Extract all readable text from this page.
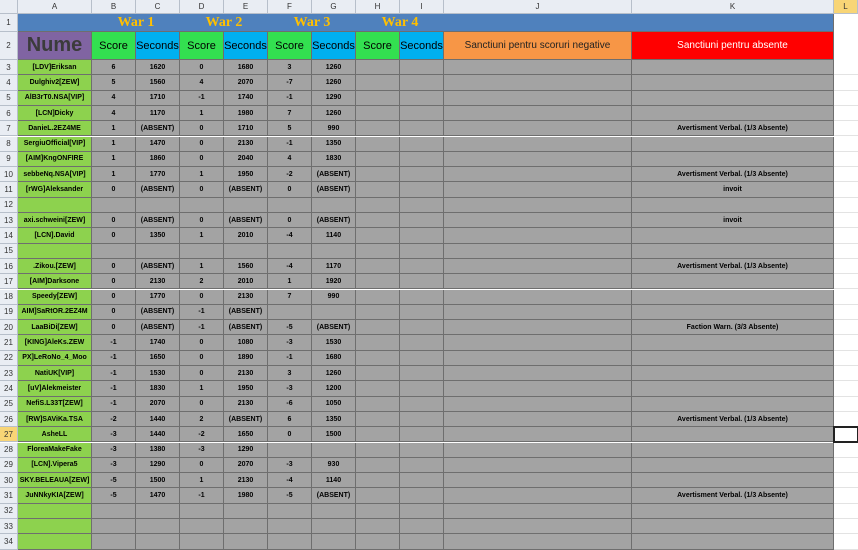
A	B	C	D	E	F	G	H	I	J	K	L
1	War 1	War 2	War 3	War 4
2 Nume	Score Seconds Score Seconds Score Seconds Score Seconds	Sanctiuni pentru scoruri negative	Sanctiuni pentru absente
3	[LDV]Eriksan	6	1620	0	1680	3	1260
4	Dulghiv2[ZEW]	5	1560	4	2070	-7	1260
5	AlB3rT0.NSA[VIP]	4	1710	-1	1740	-1	1290
6	[LCN]Dicky	4	1170	1	1980	7	1260
7	DanieL.2EZ4ME	1	(ABSENT)	0	1710	5	990	Avertisment Verbal. (1/3 Absente)
8	SergiuOfficial[VIP]	1	1470	0	2130	-1	1350
9	[AIM]KngONFIRE	1	1860	0	2040	4	1830
10	sebbeNq.NSA[VIP]	1	1770	1	1950	-2	(ABSENT)	Avertisment Verbal. (1/3 Absente)
11	[rWG]Aleksander	0	(ABSENT)	0	(ABSENT)	0	(ABSENT)	invoit
12
13	axi.schweini[ZEW]	0	(ABSENT)	0	(ABSENT)	0	(ABSENT)	invoit
14	[LCN].David	0	1350	1	2010	-4	1140
15
16	.Zikou.[ZEW]	0	(ABSENT)	1	1560	-4	1170	Avertisment Verbal. (1/3 Absente)
17	[AIM]Darksone	0	2130	2	2010	1	1920
18	Speedy[ZEW]	0	1770	0	2130	7	990
19	AIM]SaRtOR.2EZ4M	0	(ABSENT)	-1	(ABSENT)
20	LaaBiDi[ZEW]	0	(ABSENT)	-1	(ABSENT)	-5	(ABSENT)	Faction Warn. (3/3 Absente)
21	[KING]AleKs.ZEW	-1	1740	0	1080	-3	1530
22	PX]LeRoNo_4_Moo	-1	1650	0	1890	-1	1680
23	NatiUK[VIP]	-1	1530	0	2130	3	1260
24	[uV]Alekmeister	-1	1830	1	1950	-3	1200
25	NefiS.L33T[ZEW]	-1	2070	0	2130	-6	1050
26	[RW]SAViKa.TSA	-2	1440	2	(ABSENT)	6	1350	Avertisment Verbal. (1/3 Absente)
27	AsheLL	-3	1440	-2	1650	0	1500
28	FloreaMakeFake	-3	1380	-3	1290
29	[LCN].Vipera5	-3	1290	0	2070	-3	930
30 SKY.BELEAUA[ZEW]	-5	1500	1	2130	-4	1140
31	JuNNkyKIA[ZEW]	-5	1470	-1	1980	-5	(ABSENT)	Avertisment Verbal. (1/3 Absente)
32
33
34
